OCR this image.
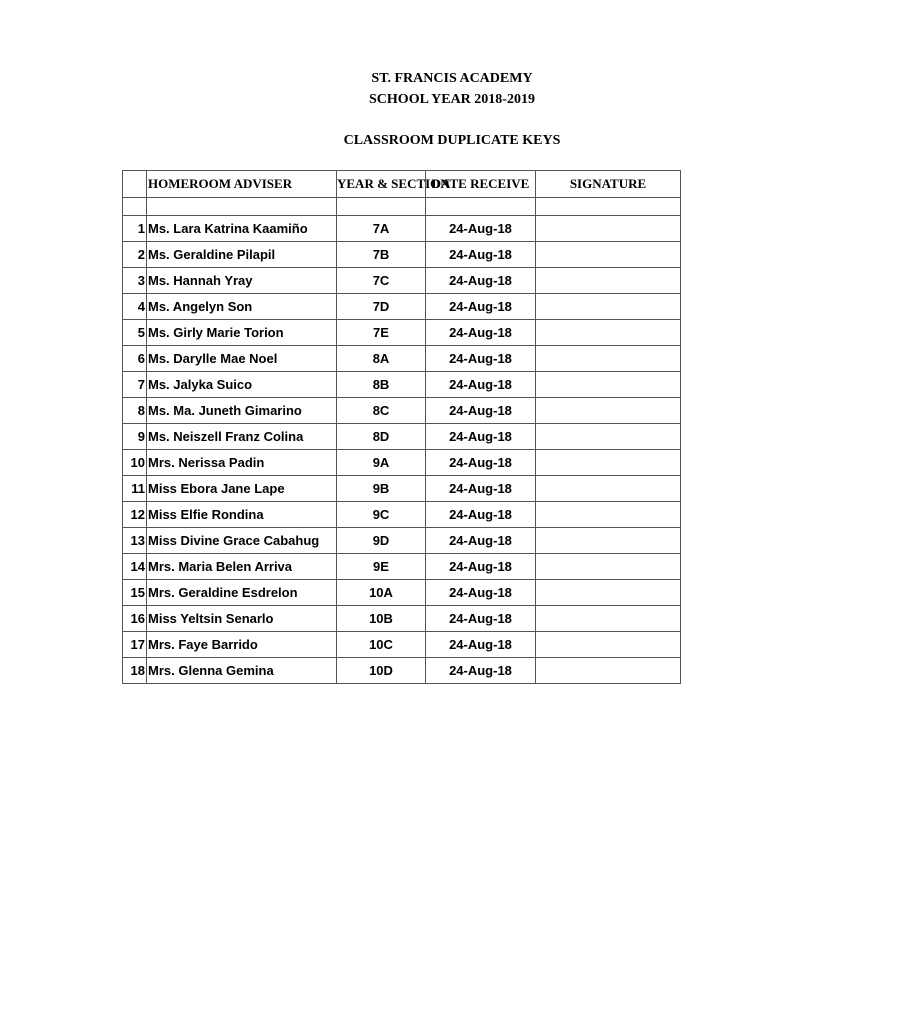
ST. FRANCIS ACADEMY
SCHOOL YEAR 2018-2019
CLASSROOM DUPLICATE KEYS
	HOMEROOM ADVISER	YEAR & SECTION	DATE RECEIVE	SIGNATURE

1	Ms. Lara Katrina Kaamiño	7A	24-Aug-18	
2	Ms. Geraldine Pilapil	7B	24-Aug-18	
3	Ms. Hannah Yray	7C	24-Aug-18	
4	Ms. Angelyn Son	7D	24-Aug-18	
5	Ms. Girly Marie Torion	7E	24-Aug-18	
6	Ms. Darylle Mae Noel	8A	24-Aug-18	
7	Ms. Jalyka Suico	8B	24-Aug-18	
8	Ms. Ma. Juneth Gimarino	8C	24-Aug-18	
9	Ms. Neiszell Franz Colina	8D	24-Aug-18	
10	Mrs. Nerissa Padin	9A	24-Aug-18	
11	Miss Ebora Jane Lape	9B	24-Aug-18	
12	Miss Elfie Rondina	9C	24-Aug-18	
13	Miss Divine Grace Cabahug	9D	24-Aug-18	
14	Mrs. Maria Belen Arriva	9E	24-Aug-18	
15	Mrs. Geraldine Esdrelon	10A	24-Aug-18	
16	Miss Yeltsin Senarlo	10B	24-Aug-18	
17	Mrs. Faye Barrido	10C	24-Aug-18	
18	Mrs. Glenna Gemina	10D	24-Aug-18	
